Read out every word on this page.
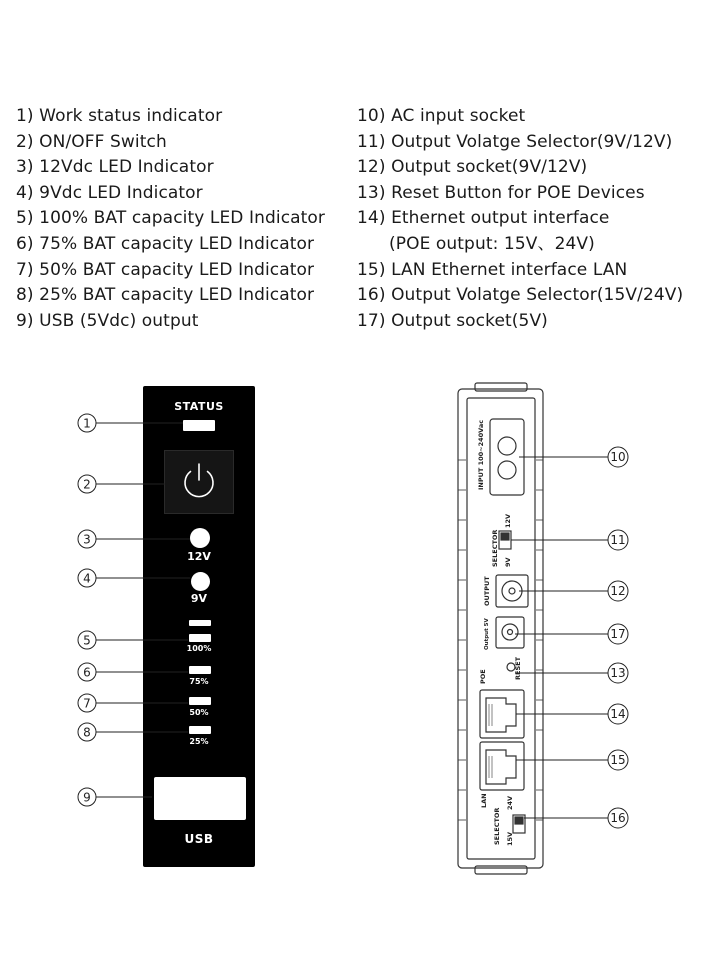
1) Work status indicator
2) ON/OFF Switch
3) 12Vdc LED Indicator
4) 9Vdc LED Indicator
5) 100% BAT capacity LED Indicator
6) 75% BAT capacity LED Indicator
7) 50% BAT capacity LED Indicator
8) 25% BAT capacity LED Indicator
9) USB (5Vdc) output
10) AC input socket
11) Output Volatge Selector(9V/12V)
12) Output socket(9V/12V)
13) Reset Button for POE Devices
14) Ethernet output interface
(POE output: 15V、24V)
15) LAN Ethernet interface LAN
16) Output Volatge Selector(15V/24V)
17) Output socket(5V)
STATUS
12V
9V
100%
75%
50%
25%
USB
1
2
3
4
5
6
7
8
9
INPUT 100~240Vac
SELECTOR 9V
12V
OUTPUT
Output 5V
POE	RESET
LAN
SELECTOR 15V
24V
10
11
12
17
13
14
15
16
